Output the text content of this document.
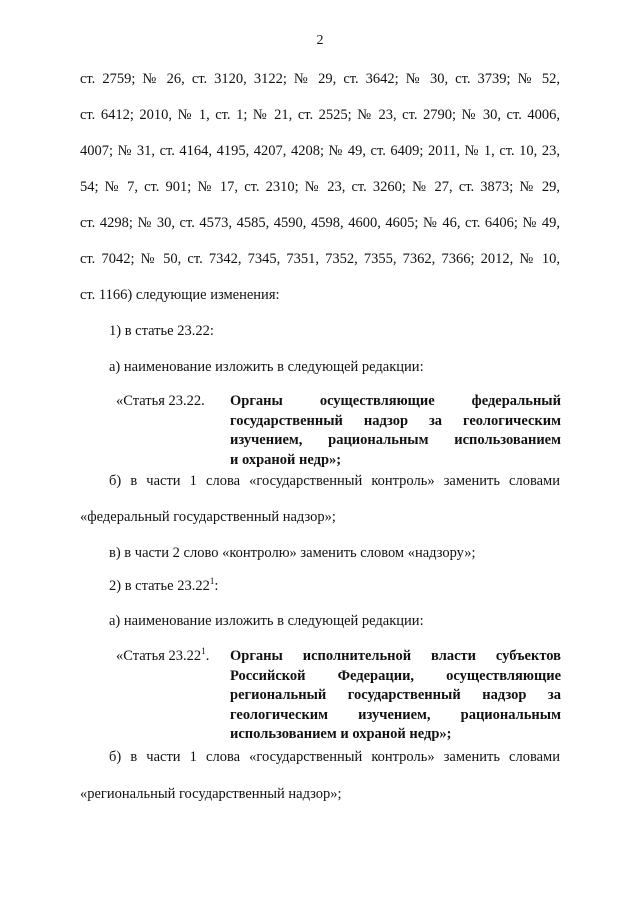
2
ст. 2759; № 26, ст. 3120, 3122; № 29, ст. 3642; № 30, ст. 3739; № 52,
ст. 6412; 2010, № 1, ст. 1; № 21, ст. 2525; № 23, ст. 2790; № 30, ст. 4006,
4007; № 31, ст. 4164, 4195, 4207, 4208; № 49, ст. 6409; 2011, № 1, ст. 10, 23,
54; № 7, ст. 901; № 17, ст. 2310; № 23, ст. 3260; № 27, ст. 3873; № 29,
ст. 4298; № 30, ст. 4573, 4585, 4590, 4598, 4600, 4605; № 46, ст. 6406; № 49,
ст. 7042; № 50, ст. 7342, 7345, 7351, 7352, 7355, 7362, 7366; 2012, № 10,
ст. 1166) следующие изменения:
1) в статье 23.22:
а) наименование изложить в следующей редакции:
«Статья 23.22. Органы осуществляющие федеральный
государственный надзор за геологическим
изучением, рациональным использованием
и охраной недр»;
б) в части 1 слова «государственный контроль» заменить словами
«федеральный государственный надзор»;
в) в части 2 слово «контролю» заменить словом «надзору»;
2) в статье 23.22$^1$:
а) наименование изложить в следующей редакции:
«Статья 23.22$^1$. Органы исполнительной власти субъектов
Российской Федерации, осуществляющие
региональный государственный надзор за
геологическим изучением, рациональным
использованием и охраной недр»;
б) в части 1 слова «государственный контроль» заменить словами
«региональный государственный надзор»;
